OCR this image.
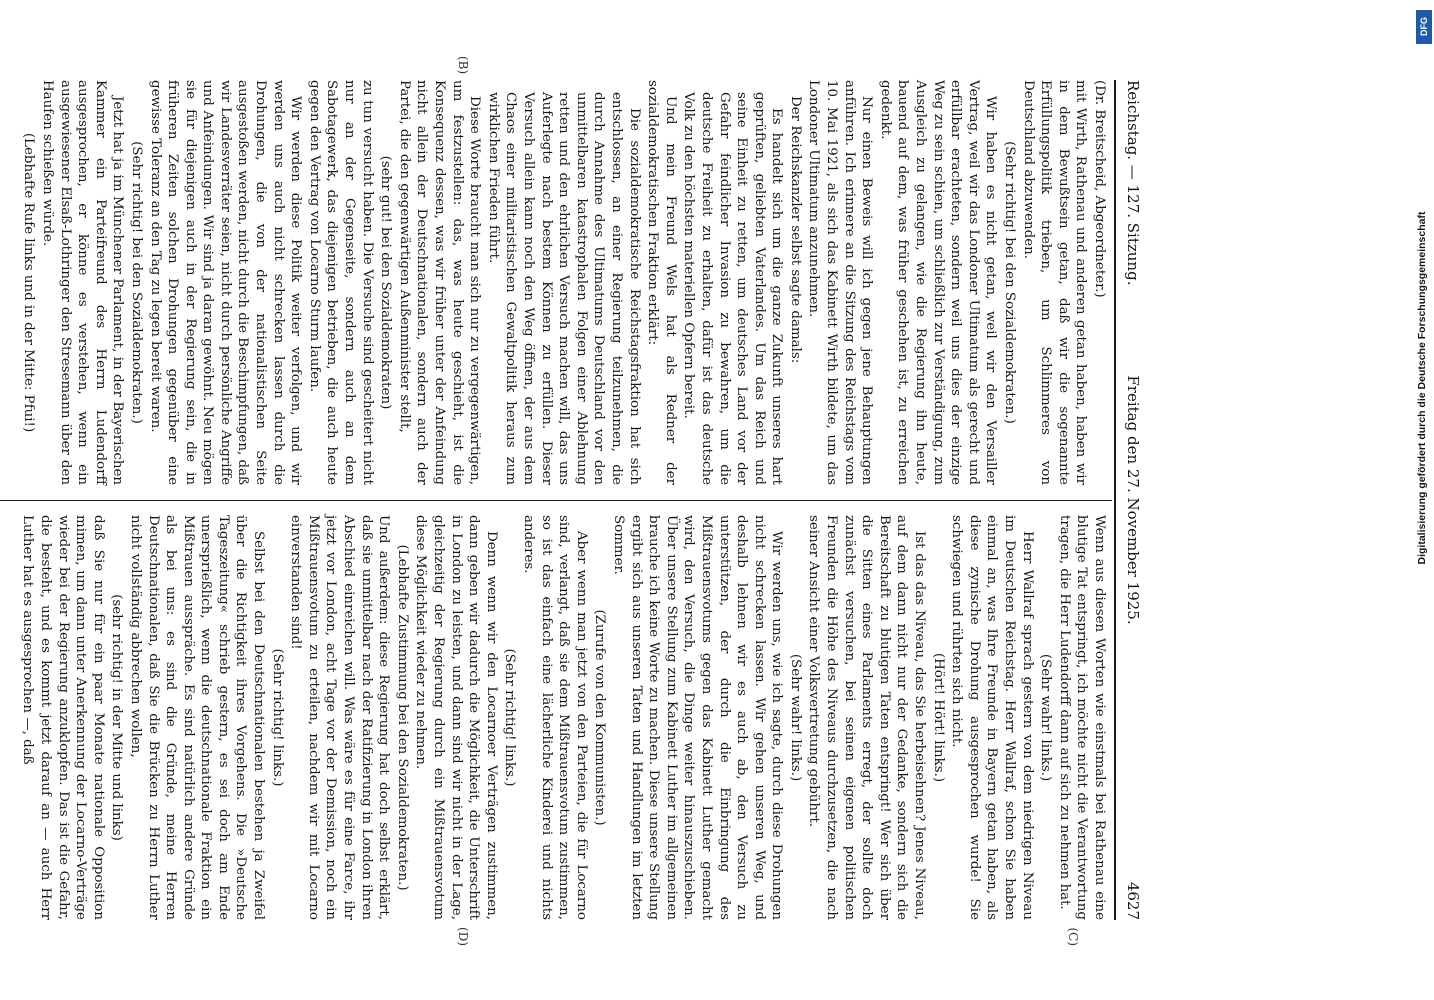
Reichstag. — 127. Sitzung.
Freitag den 27. November 1925.
4627

(Dr. Breitscheid, Abgeordneter.)

mit Wirth, Rathenau und anderen getan haben, haben wir in dem Bewußtsein getan, daß wir die sogenannte Erfüllungspolitik trieben, um Schlimmeres von Deutschland abzuwenden.

(Sehr richtig! bei den Sozialdemokraten.)

Wir haben es nicht getan, weil wir den Versailler Vertrag, weil wir das Londoner Ultimatum als gerecht und erfüllbar erachteten, sondern weil uns dies der einzige Weg zu sein schien, um schließlich zur Verständigung, zum Ausgleich zu gelangen, wie die Regierung ihn heute, bauend auf dem, was früher geschehen ist, zu erreichen gedenkt.

Nur einen Beweis will ich gegen jene Behauptungen anführen. Ich erinnere an die Sitzung des Reichstags vom 10. Mai 1921, als sich das Kabinett Wirth bildete, um das Londoner Ultimatum anzunehmen.

Der Reichskanzler selbst sagte damals:

Es handelt sich um die ganze Zukunft unseres hart geprüften, geliebten Vaterlandes. Um das Reich und seine Einheit zu retten, um deutsches Land vor der Gefahr feindlicher Invasion zu bewahren, um die deutsche Freiheit zu erhalten, dafür ist das deutsche Volk zu den höchsten materiellen Opfern bereit.

Und mein Freund Wels hat als Redner der sozialdemokratischen Fraktion erklärt:

Die sozialdemokratische Reichstagsfraktion hat sich entschlossen, an einer Regierung teilzunehmen, die durch Annahme des Ultimatums Deutschland vor den unmittelbaren katastrophalen Folgen einer Ablehnung retten und den ehrlichen Versuch machen will, das uns Auferlegte nach bestem Können zu erfüllen. Dieser Versuch allein kann noch den Weg öffnen, der aus dem Chaos einer militaristischen Gewaltpolitik heraus zum wirklichen Frieden führt.

Diese Worte braucht man sich nur zu vergegenwärtigen, um festzustellen: das, was heute geschieht, ist die Konsequenz dessen, was wir früher unter der Anfeindung nicht allein der Deutschnationalen, sondern auch der Partei, die den gegenwärtigen Außenminister stellt,

(sehr gut! bei den Sozialdemokraten)

zu tun versucht haben. Die Versuche sind gescheitert nicht nur an der Gegenseite, sondern auch an dem Sabotagewerk, das diejenigen betrieben, die auch heute gegen den Vertrag von Locarno Sturm laufen.

Wir werden diese Politik weiter verfolgen, und wir werden uns auch nicht schrecken lassen durch die Drohungen, die von der nationalistischen Seite ausgestoßen werden, nicht durch die Beschimpfungen, daß wir Landesverräter seien, nicht durch persönliche Angriffe und Anfeindungen. Wir sind ja daran gewöhnt. Neu mögen sie für diejenigen auch in der Regierung sein, die in früheren Zeiten solchen Drohungen gegenüber eine gewisse Toleranz an den Tag zu legen bereit waren.

(Sehr richtig! bei den Sozialdemokraten.)

Jetzt hat ja im Münchener Parlament, in der Bayerischen Kammer ein Parteifreund des Herrn Ludendorff ausgesprochen, er könne es verstehen, wenn ein ausgewiesener Elsaß-Lothringer den Stresemann über den Haufen schießen würde.

(Lebhafte Rufe links und in der Mitte: Pfui!)

Wenn aus diesen Worten wie einstmals bei Rathenau eine blutige Tat entspringt, ich möchte nicht die Verantwortung tragen, die Herr Ludendorff dann auf sich zu nehmen hat.

(Sehr wahr! links.)

Herr Wallraf sprach gestern von dem niedrigen Niveau im Deutschen Reichstag. Herr Wallraf, schon Sie haben einmal an, was Ihre Freunde in Bayern getan haben, als diese zynische Drohung ausgesprochen wurde! Sie schwiegen und rührten sich nicht.

(Hört! Hört! links.)

Ist das das Niveau, das Sie herbeisehnen? Jenes Niveau, auf dem dann nicht nur der Gedanke, sondern sich die Bereitschaft zu blutigen Taten entspringt! Wer sich über die Sitten eines Parlaments erregt, der sollte doch zunächst versuchen, bei seinen eigenen politischen Freunden die Höhe des Niveaus durchzusetzen, die nach seiner Ansicht einer Volksvertretung gebührt.

(Sehr wahr! links.)

Wir werden uns, wie ich sagte, durch diese Drohungen nicht schrecken lassen. Wir gehen unseren Weg, und deshalb lehnen wir es auch ab, den Versuch zu unterstützen, der durch die Einbringung des Mißtrauensvotums gegen das Kabinett Luther gemacht wird, den Versuch, die Dinge weiter hinauszuschieben. Über unsere Stellung zum Kabinett Luther im allgemeinen brauche ich keine Worte zu machen. Diese unsere Stellung ergibt sich aus unseren Taten und Handlungen im letzten Sommer.

(Zurufe von den Kommunisten.)

Aber wenn man jetzt von den Parteien, die für Locarno sind, verlangt, daß sie dem Mißtrauensvotum zustimmen, so ist das einfach eine lächerliche Kinderei und nichts anderes.

(Sehr richtig! links.)

Denn wenn wir den Locarnoer Verträgen zustimmen, dann geben wir dadurch die Möglichkeit, die Unterschrift in London zu leisten, und dann sind wir nicht in der Lage, gleichzeitig der Regierung durch ein Mißtrauensvotum diese Möglichkeit wieder zu nehmen.

(Lebhafte Zustimmung bei den Sozialdemokraten.)

Und außerdem: diese Regierung hat doch selbst erklärt, daß sie unmittelbar nach der Ratifizierung in London ihren Abschied einreichen will. Was wäre es für eine Farce, ihr jetzt vor London, acht Tage vor der Demission, noch ein Mißtrauensvotum zu erteilen, nachdem wir mit Locarno einverstanden sind!

(Sehr richtig! links.)

Selbst bei den Deutschnationalen bestehen ja Zweifel über die Richtigkeit ihres Vorgehens. Die »Deutsche Tageszeitung« schrieb gestern, es sei doch am Ende unersprießlich, wenn die deutschnationale Fraktion ein Mißtrauen ausspräche. Es sind natürlich andere Gründe als bei uns: es sind die Gründe, meine Herren Deutschnationalen, daß Sie die Brücken zu Herrn Luther nicht vollständig abbrechen wollen,

(sehr richtig! in der Mitte und links)

daß Sie nur für ein paar Monate nationale Opposition mimen, um dann unter Anerkennung der Locarno-Verträge wieder bei der Regierung anzuklopfen. Das ist die Gefahr, die besteht, und es kommt jetzt darauf an — auch Herr Luther hat es ausgesprochen —, daß

(B)
(C)
(D)
DFG
Digitalisierung gefördert durch die Deutsche Forschungsgemeinschaft
